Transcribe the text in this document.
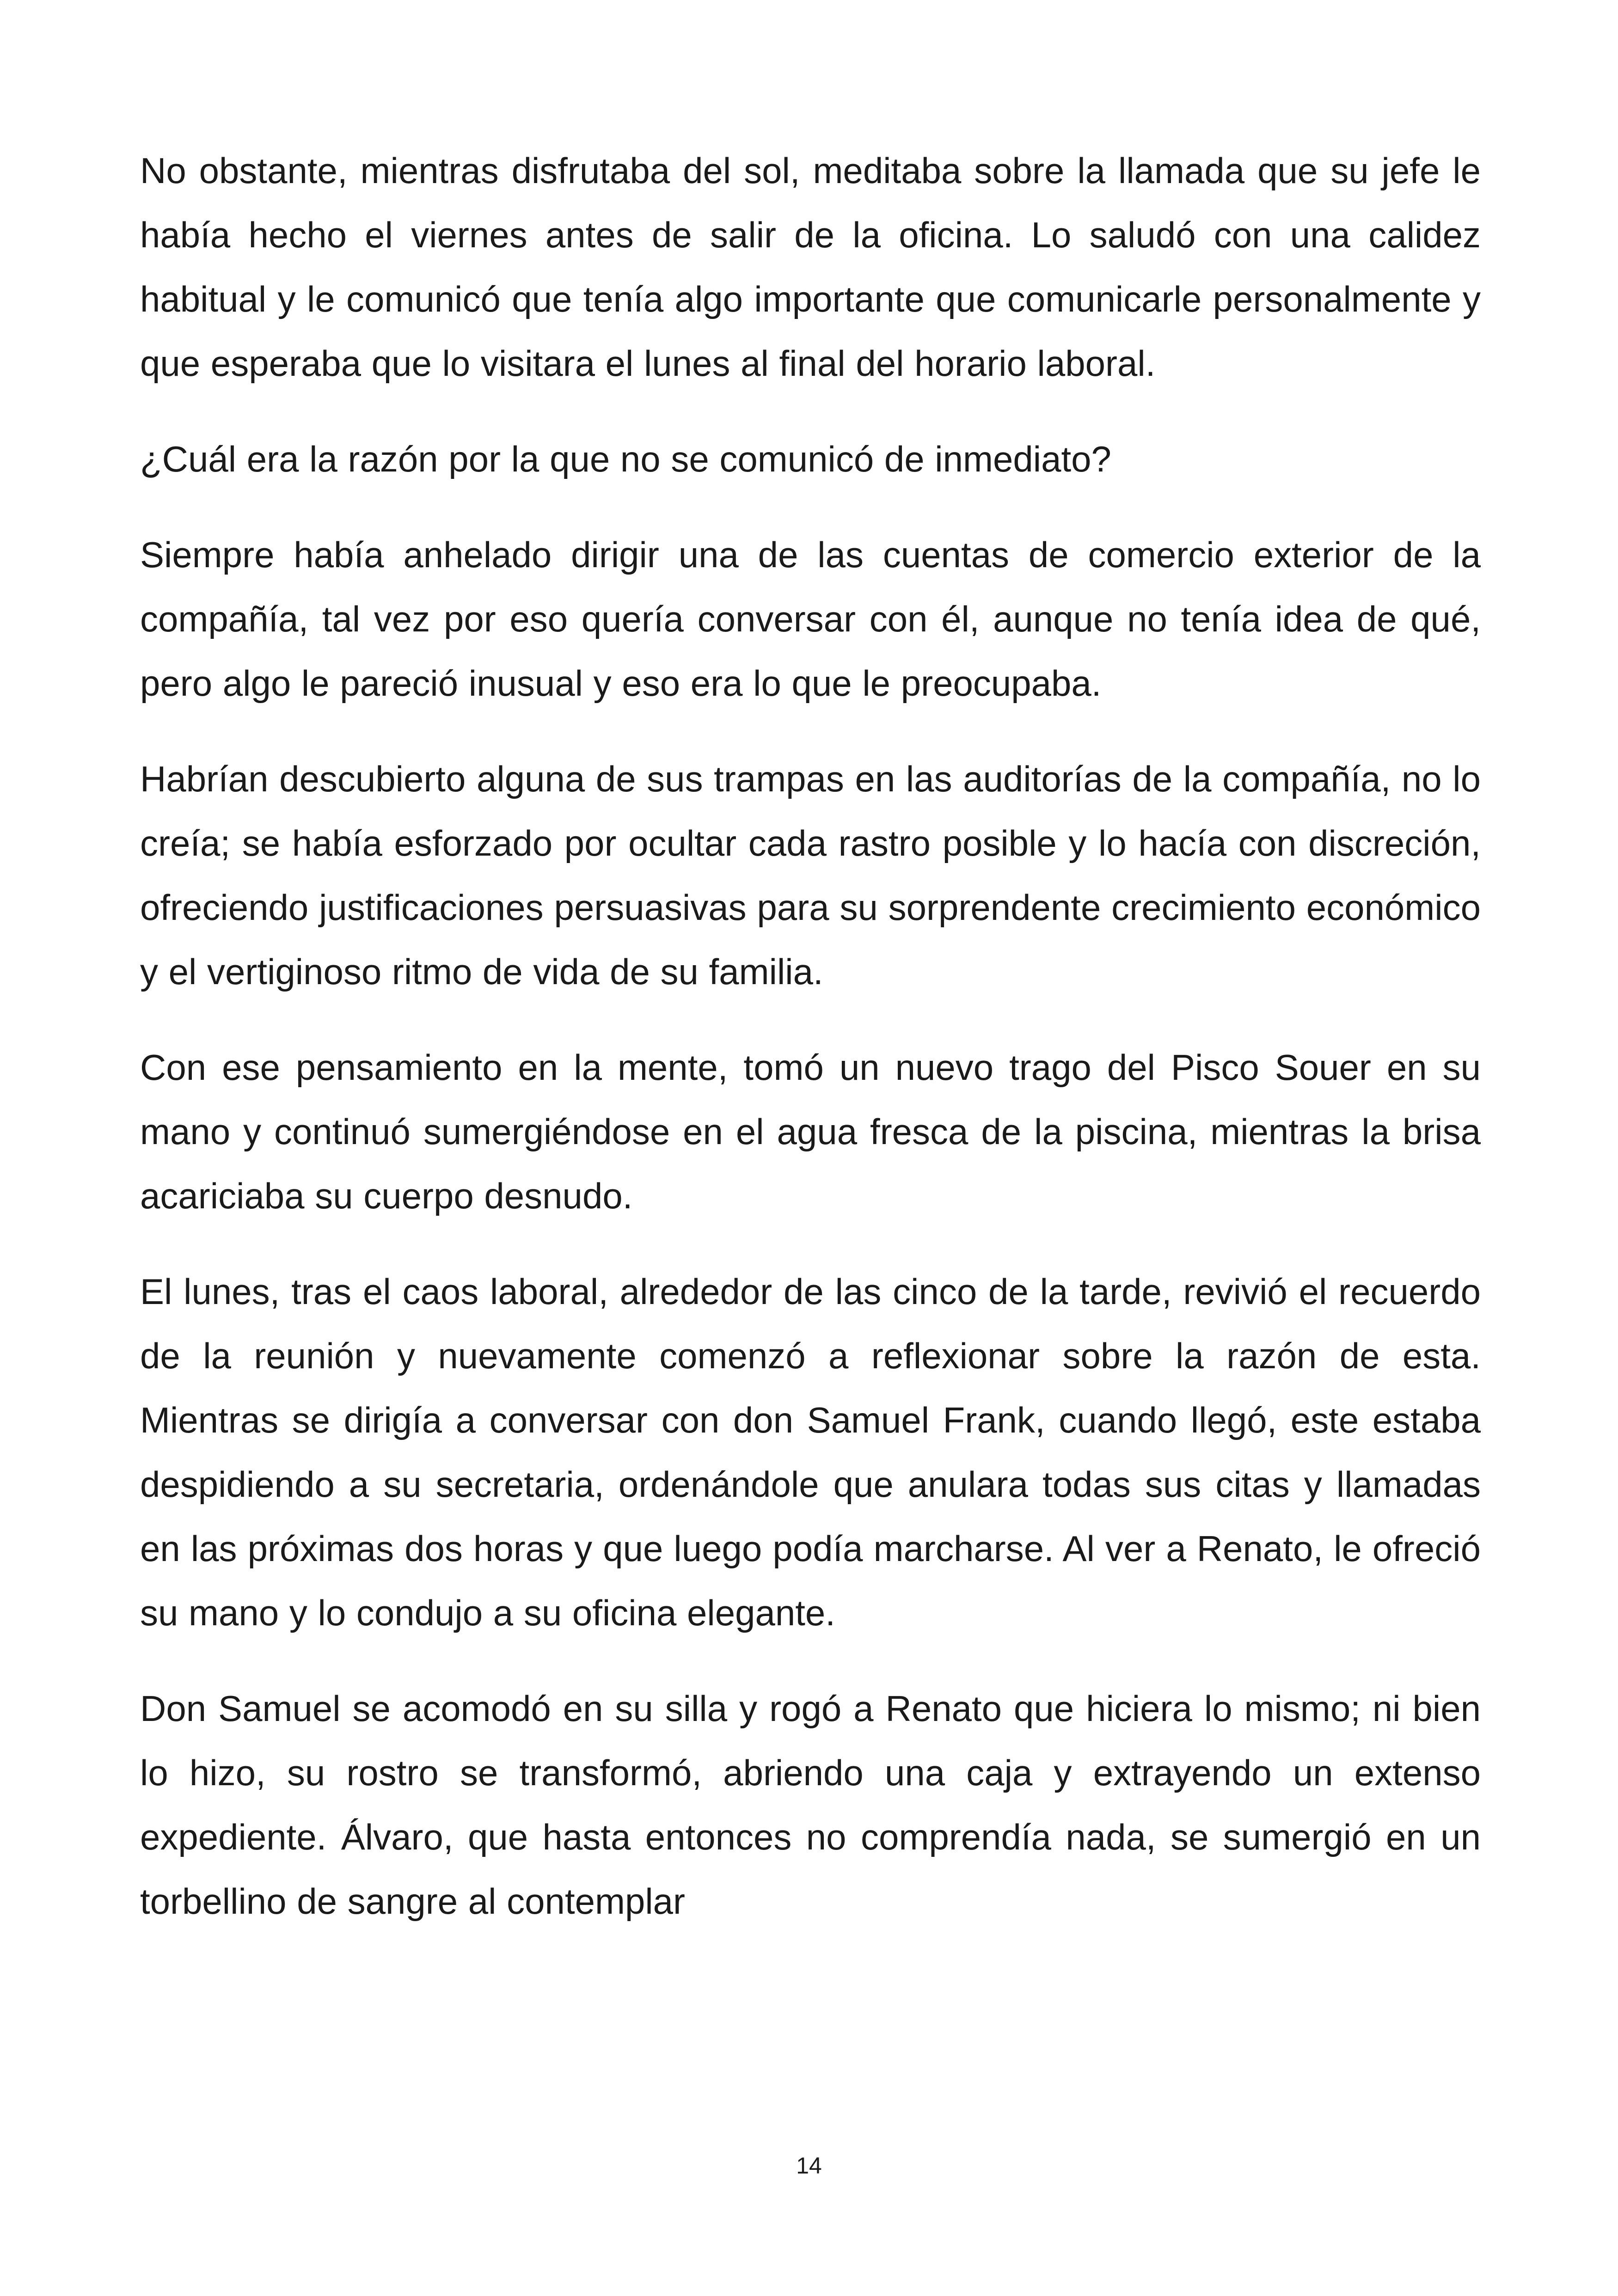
No obstante, mientras disfrutaba del sol, meditaba sobre la llamada que su jefe le había hecho el viernes antes de salir de la oficina. Lo saludó con una calidez habitual y le comunicó que tenía algo importante que comunicarle personalmente y que esperaba que lo visitara el lunes al final del horario laboral.

¿Cuál era la razón por la que no se comunicó de inmediato?

Siempre había anhelado dirigir una de las cuentas de comercio exterior de la compañía, tal vez por eso quería conversar con él, aunque no tenía idea de qué, pero algo le pareció inusual y eso era lo que le preocupaba.

Habrían descubierto alguna de sus trampas en las auditorías de la compañía, no lo creía; se había esforzado por ocultar cada rastro posible y lo hacía con discreción, ofreciendo justificaciones persuasivas para su sorprendente crecimiento económico y el vertiginoso ritmo de vida de su familia.

Con ese pensamiento en la mente, tomó un nuevo trago del Pisco Souer en su mano y continuó sumergiéndose en el agua fresca de la piscina, mientras la brisa acariciaba su cuerpo desnudo.

El lunes, tras el caos laboral, alrededor de las cinco de la tarde, revivió el recuerdo de la reunión y nuevamente comenzó a reflexionar sobre la razón de esta. Mientras se dirigía a conversar con don Samuel Frank, cuando llegó, este estaba despidiendo a su secretaria, ordenándole que anulara todas sus citas y llamadas en las próximas dos horas y que luego podía marcharse. Al ver a Renato, le ofreció su mano y lo condujo a su oficina elegante.

Don Samuel se acomodó en su silla y rogó a Renato que hiciera lo mismo; ni bien lo hizo, su rostro se transformó, abriendo una caja y extrayendo un extenso expediente. Álvaro, que hasta entonces no comprendía nada, se sumergió en un torbellino de sangre al contemplar

14
